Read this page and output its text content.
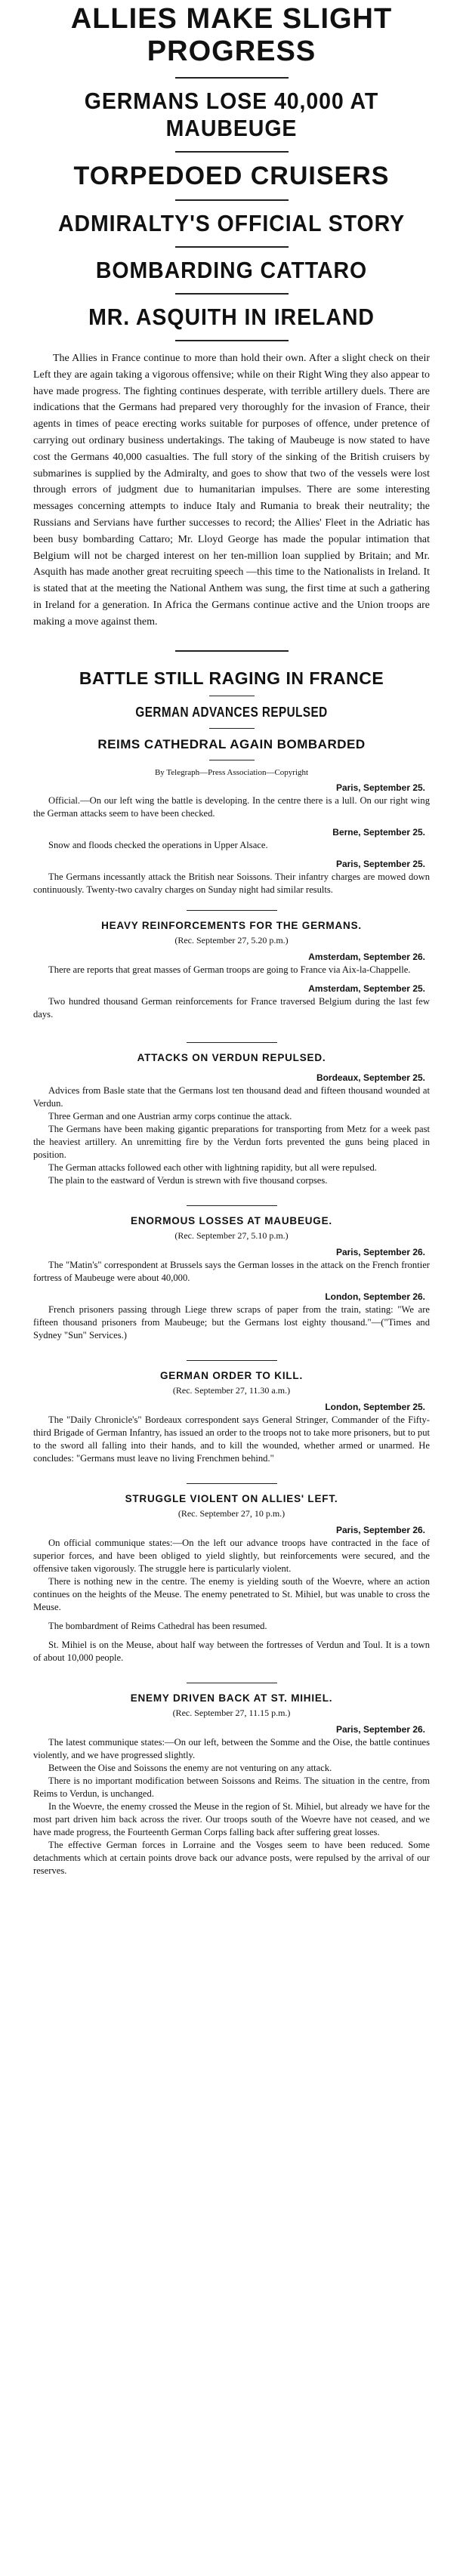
ALLIES MAKE SLIGHT
PROGRESS
GERMANS LOSE 40,000 AT MAUBEUGE
TORPEDOED CRUISERS
ADMIRALTY'S OFFICIAL STORY
BOMBARDING CATTARO
MR. ASQUITH IN IRELAND

The Allies in France continue to more than hold their own. After a slight check on their Left they are again taking a vigorous offensive; while on their Right Wing they also appear to have made progress. The fighting continues desperate, with terrible artillery duels. There are indications that the Germans had prepared very thoroughly for the invasion of France, their agents in times of peace erecting works suitable for purposes of offence, under pretence of carrying out ordinary business undertakings. The taking of Maubeuge is now stated to have cost the Germans 40,000 casualties. The full story of the sinking of the British cruisers by submarines is supplied by the Admiralty, and goes to show that two of the vessels were lost through errors of judgment due to humanitarian impulses. There are some interesting messages concerning attempts to induce Italy and Rumania to break their neutrality; the Russians and Servians have further successes to record; the Allies' Fleet in the Adriatic has been busy bombarding Cattaro; Mr. Lloyd George has made the popular intimation that Belgium will not be charged interest on her ten-million loan supplied by Britain; and Mr. Asquith has made another great recruiting speech —this time to the Nationalists in Ireland. It is stated that at the meeting the National Anthem was sung, the first time at such a gathering in Ireland for a generation. In Africa the Germans continue active and the Union troops are making a move against them.

BATTLE STILL RAGING IN FRANCE
GERMAN ADVANCES REPULSED
REIMS CATHEDRAL AGAIN BOMBARDED

By Telegraph—Press Association—Copyright

Paris, September 25.

Official.—On our left wing the battle is developing. In the centre there is a lull. On our right wing the German attacks seem to have been checked.

Berne, September 25.

Snow and floods checked the operations in Upper Alsace.

Paris, September 25.

The Germans incessantly attack the British near Soissons. Their infantry charges are mowed down continuously. Twenty-two cavalry charges on Sunday night had similar results.

HEAVY REINFORCEMENTS FOR THE GERMANS.

(Rec. September 27, 5.20 p.m.)

Amsterdam, September 26.

There are reports that great masses of German troops are going to France via Aix-la-Chappelle.

Amsterdam, September 25.

Two hundred thousand German reinforcements for France traversed Belgium during the last few days.

ATTACKS ON VERDUN REPULSED.

Bordeaux, September 25.

Advices from Basle state that the Germans lost ten thousand dead and fifteen thousand wounded at Verdun.

Three German and one Austrian army corps continue the attack.

The Germans have been making gigantic preparations for transporting from Metz for a week past the heaviest artillery. An unremitting fire by the Verdun forts prevented the guns being placed in position.

The German attacks followed each other with lightning rapidity, but all were repulsed.

The plain to the eastward of Verdun is strewn with five thousand corpses.

ENORMOUS LOSSES AT MAUBEUGE.

(Rec. September 27, 5.10 p.m.)

Paris, September 26.

The "Matin's" correspondent at Brussels says the German losses in the attack on the French frontier fortress of Maubeuge were about 40,000.

London, September 26.

French prisoners passing through Liege threw scraps of paper from the train, stating: "We are fifteen thousand prisoners from Maubeuge; but the Germans lost eighty thousand."—("Times and Sydney "Sun" Services.)

GERMAN ORDER TO KILL.

(Rec. September 27, 11.30 a.m.)

London, September 25.

The "Daily Chronicle's" Bordeaux correspondent says General Stringer, Commander of the Fifty-third Brigade of German Infantry, has issued an order to the troops not to take more prisoners, but to put to the sword all falling into their hands, and to kill the wounded, whether armed or unarmed. He concludes: "Germans must leave no living Frenchmen behind."

STRUGGLE VIOLENT ON ALLIES' LEFT.

(Rec. September 27, 10 p.m.)

Paris, September 26.

On official communique states:—On the left our advance troops have contracted in the face of superior forces, and have been obliged to yield slightly, but reinforcements were secured, and the offensive taken vigorously. The struggle here is particularly violent.

There is nothing new in the centre. The enemy is yielding south of the Woevre, where an action continues on the heights of the Meuse. The enemy penetrated to St. Mihiel, but was unable to cross the Meuse.

The bombardment of Reims Cathedral has been resumed.

St. Mihiel is on the Meuse, about half way between the fortresses of Verdun and Toul. It is a town of about 10,000 people.

ENEMY DRIVEN BACK AT ST. MIHIEL.

(Rec. September 27, 11.15 p.m.)

Paris, September 26.

The latest communique states:—On our left, between the Somme and the Oise, the battle continues violently, and we have progressed slightly.

Between the Oise and Soissons the enemy are not venturing on any attack.

There is no important modification between Soissons and Reims. The situation in the centre, from Reims to Verdun, is unchanged.

In the Woevre, the enemy crossed the Meuse in the region of St. Mihiel, but already we have for the most part driven him back across the river. Our troops south of the Woevre have not ceased, and we have made progress, the Fourteenth German Corps falling back after suffering great losses.

The effective German forces in Lorraine and the Vosges seem to have been reduced. Some detachments which at certain points drove back our advance posts, were repulsed by the arrival of our reserves.
